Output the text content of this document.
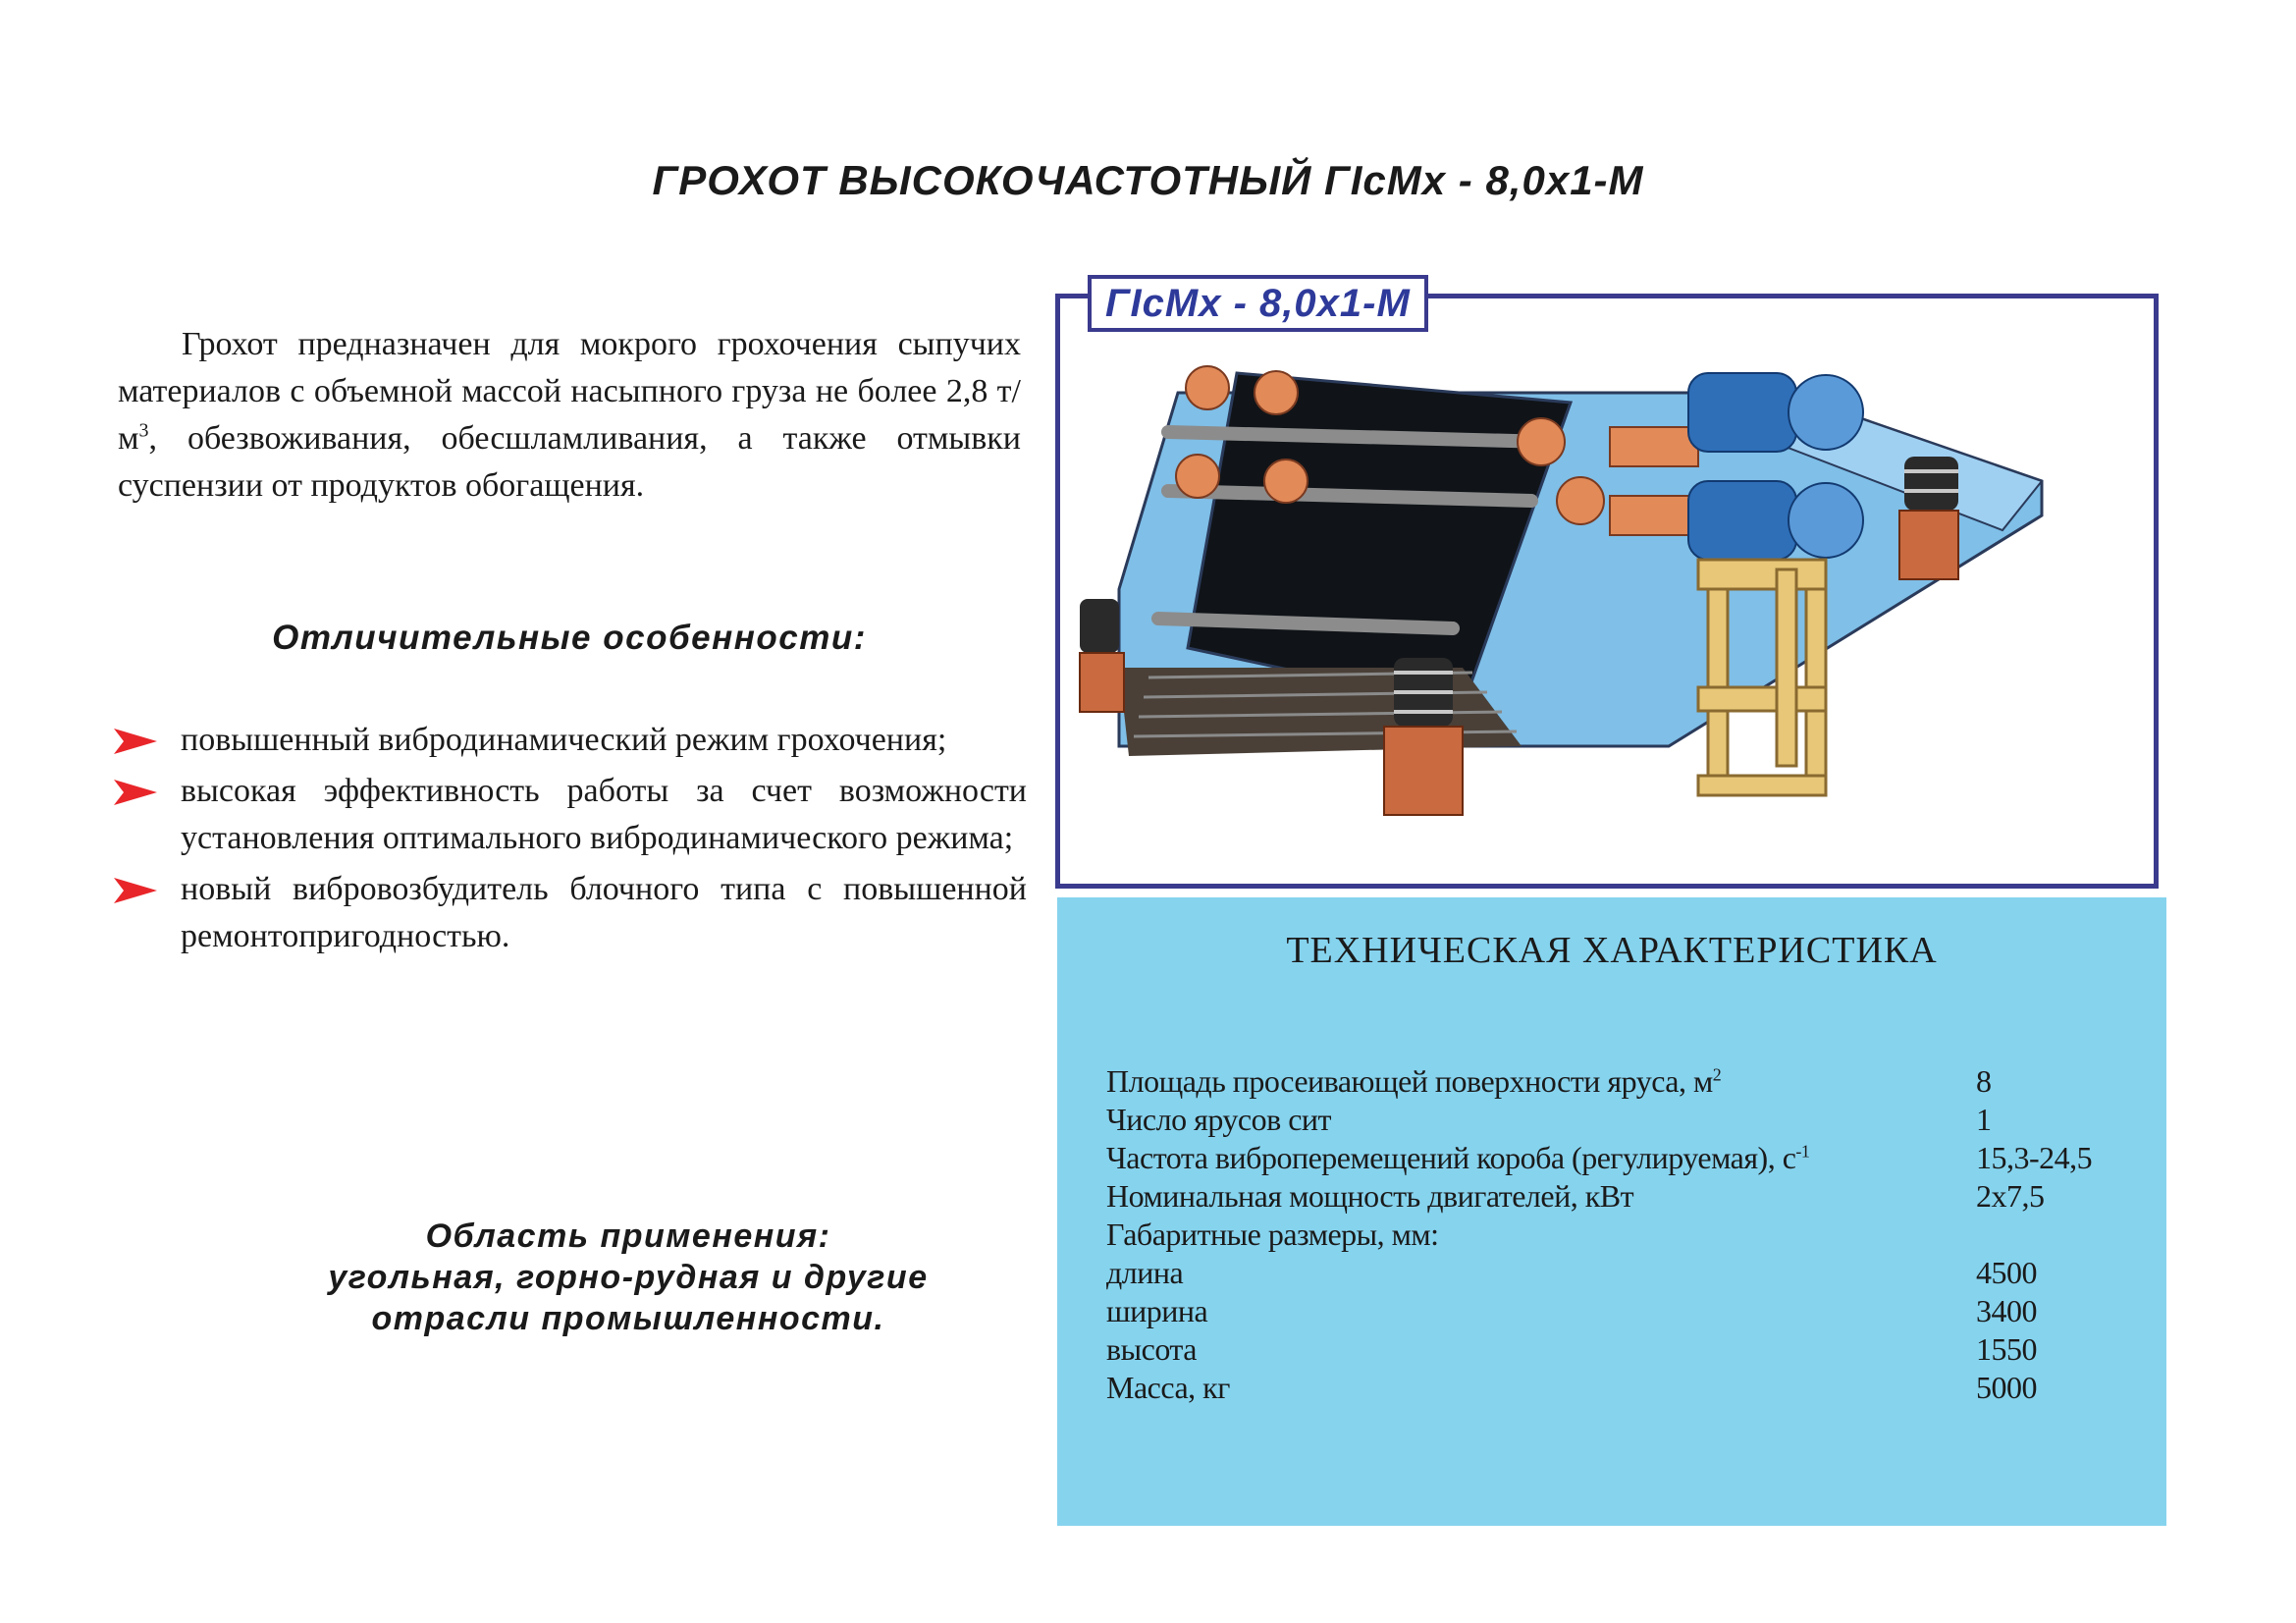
ГРОХОТ ВЫСОКОЧАСТОТНЫЙ ГIсМх - 8,0х1-М
Грохот предназначен для мокрого грохочения сыпучих материалов с объемной массой насыпного груза не более 2,8 $т/м^3$, обезвоживания, обесшламливания, а также отмывки суспензии от продуктов обогащения.
Отличительные особенности:
повышенный вибродинамический режим грохочения;
высокая эффективность работы за счет возможности установления оптимального вибродинамического режима;
новый вибровозбудитель блочного типа с повышенной ремонтопригодностью.
Область применения:
угольная, горно-рудная и другие
отрасли промышленности.
ГIсМх - 8,0х1-М
ТЕХНИЧЕСКАЯ ХАРАКТЕРИСТИКА
Площадь просеивающей поверхности яруса, $м^2$	8
Число ярусов сит	1
Частота виброперемещений короба (регулируемая), $с^{-1}$	15,3-24,5
Номинальная мощность двигателей, кВт	2х7,5
Габаритные размеры, мм:
длина	4500
ширина	3400
высота	1550
Масса, кг	5000
